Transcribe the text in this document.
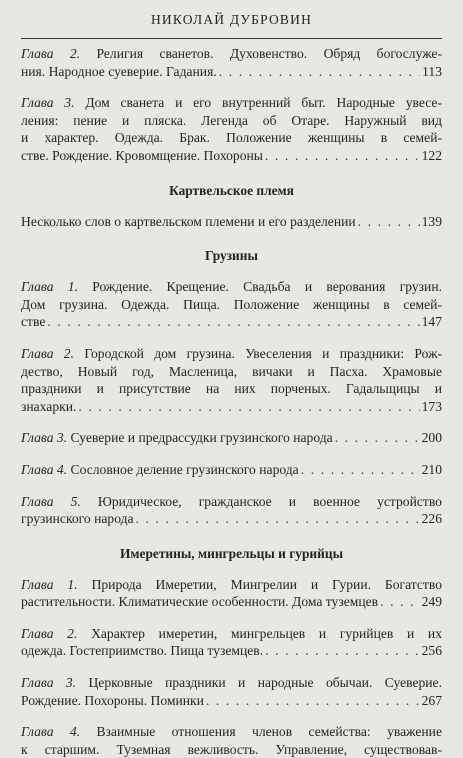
НИКОЛАЙ ДУБРОВИН
Глава 2. Религия сванетов. Духовенство. Обряд богослуже-
ния. Народное суеверие. Гадания. . . .	113
Глава 3. Дом сванета и его внутренний быт. Народные увесе-
ления: пение и пляска. Легенда об Отаре. Наружный вид
и характер. Одежда. Брак. Положение женщины в семей-
стве. Рождение. Кровомщение. Похороны . . .	122
Картвельское племя
Несколько слов о картвельском племени и его разделении . . .	139
Грузины
Глава 1. Рождение. Крещение. Свадьба и верования грузин.
Дом грузина. Одежда. Пища. Положение женщины в семей-
стве . . .	147
Глава 2. Городской дом грузина. Увеселения и праздники: Рож-
дество, Новый год, Масленица, вичаки и Пасха. Храмовые
праздники и присутствие на них порченых. Гадальщицы и
знахарки. . . .	173
Глава 3. Суеверие и предрассудки грузинского народа . . .	200
Глава 4. Сословное деление грузинского народа . . .	210
Глава 5. Юридическое, гражданское и военное устройство
грузинского народа . . .	226
Имеретины, мингрельцы и гурийцы
Глава 1. Природа Имеретии, Мингрелии и Гурии. Богатство
растительности. Климатические особенности. Дома туземцев . . .	249
Глава 2. Характер имеретин, мингрельцев и гурийцев и их
одежда. Гостеприимство. Пища туземцев. . . .	256
Глава 3. Церковные праздники и народные обычаи. Суеверие.
Рождение. Похороны. Поминки . . .	267
Глава 4. Взаимные отношения членов семейства: уважение
к старшим. Туземная вежливость. Управление, существовав-
